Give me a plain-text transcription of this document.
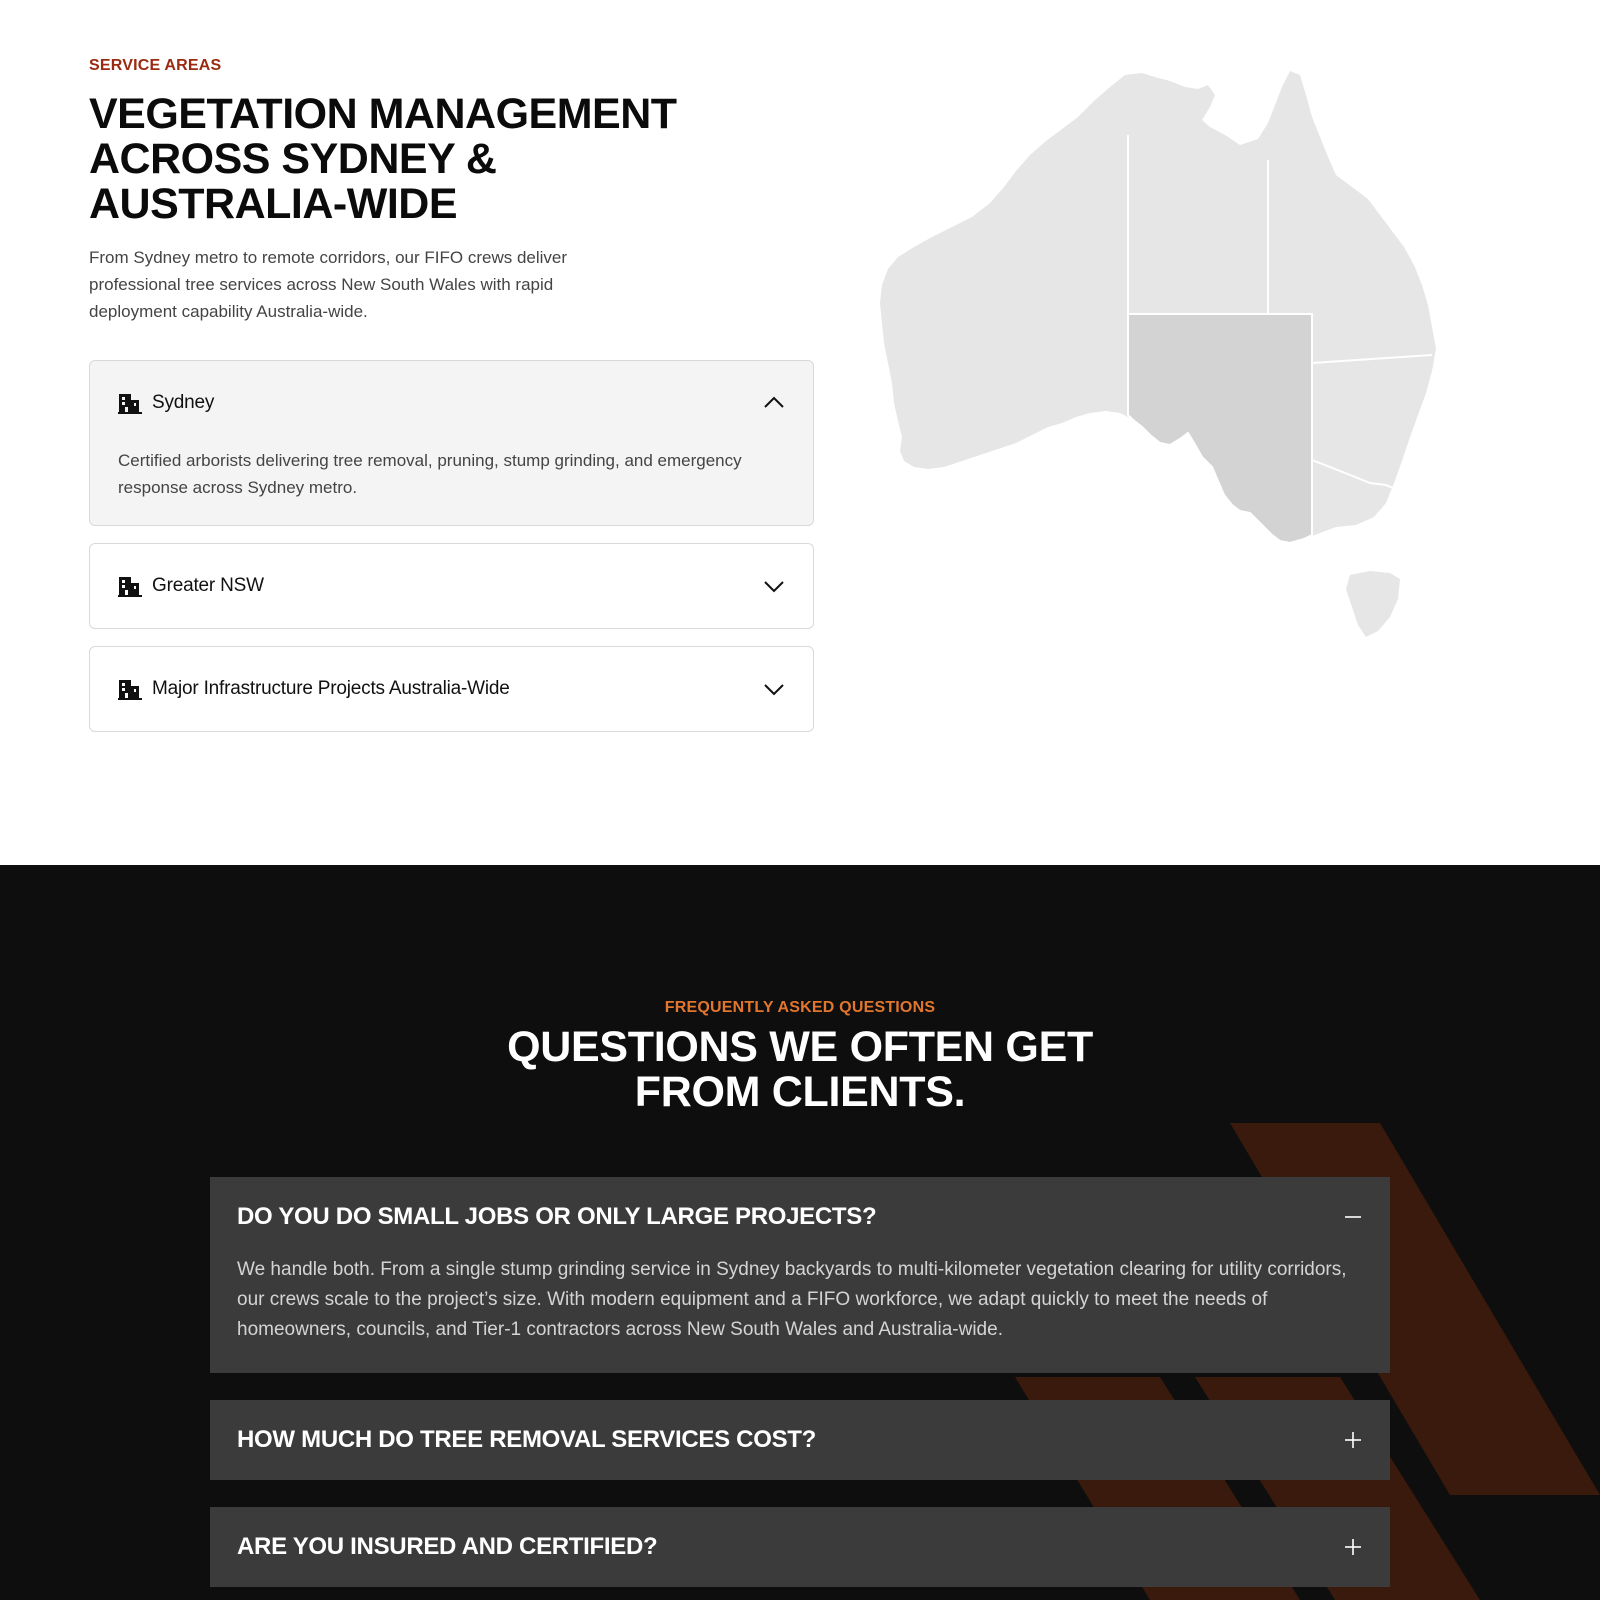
SERVICE AREAS
VEGETATION MANAGEMENT
ACROSS SYDNEY &
AUSTRALIA-WIDE

From Sydney metro to remote corridors, our FIFO crews deliver professional tree services across New South Wales with rapid deployment capability Australia-wide.

Sydney
Certified arborists delivering tree removal, pruning, stump grinding, and emergency response across Sydney metro.
Greater NSW
Major Infrastructure Projects Australia-Wide
FREQUENTLY ASKED QUESTIONS
QUESTIONS WE OFTEN GET
FROM CLIENTS.
DO YOU DO SMALL JOBS OR ONLY LARGE PROJECTS?
We handle both. From a single stump grinding service in Sydney backyards to multi-kilometer vegetation clearing for utility corridors, our crews scale to the project’s size. With modern equipment and a FIFO workforce, we adapt quickly to meet the needs of homeowners, councils, and Tier-1 contractors across New South Wales and Australia-wide.
HOW MUCH DO TREE REMOVAL SERVICES COST?
ARE YOU INSURED AND CERTIFIED?
